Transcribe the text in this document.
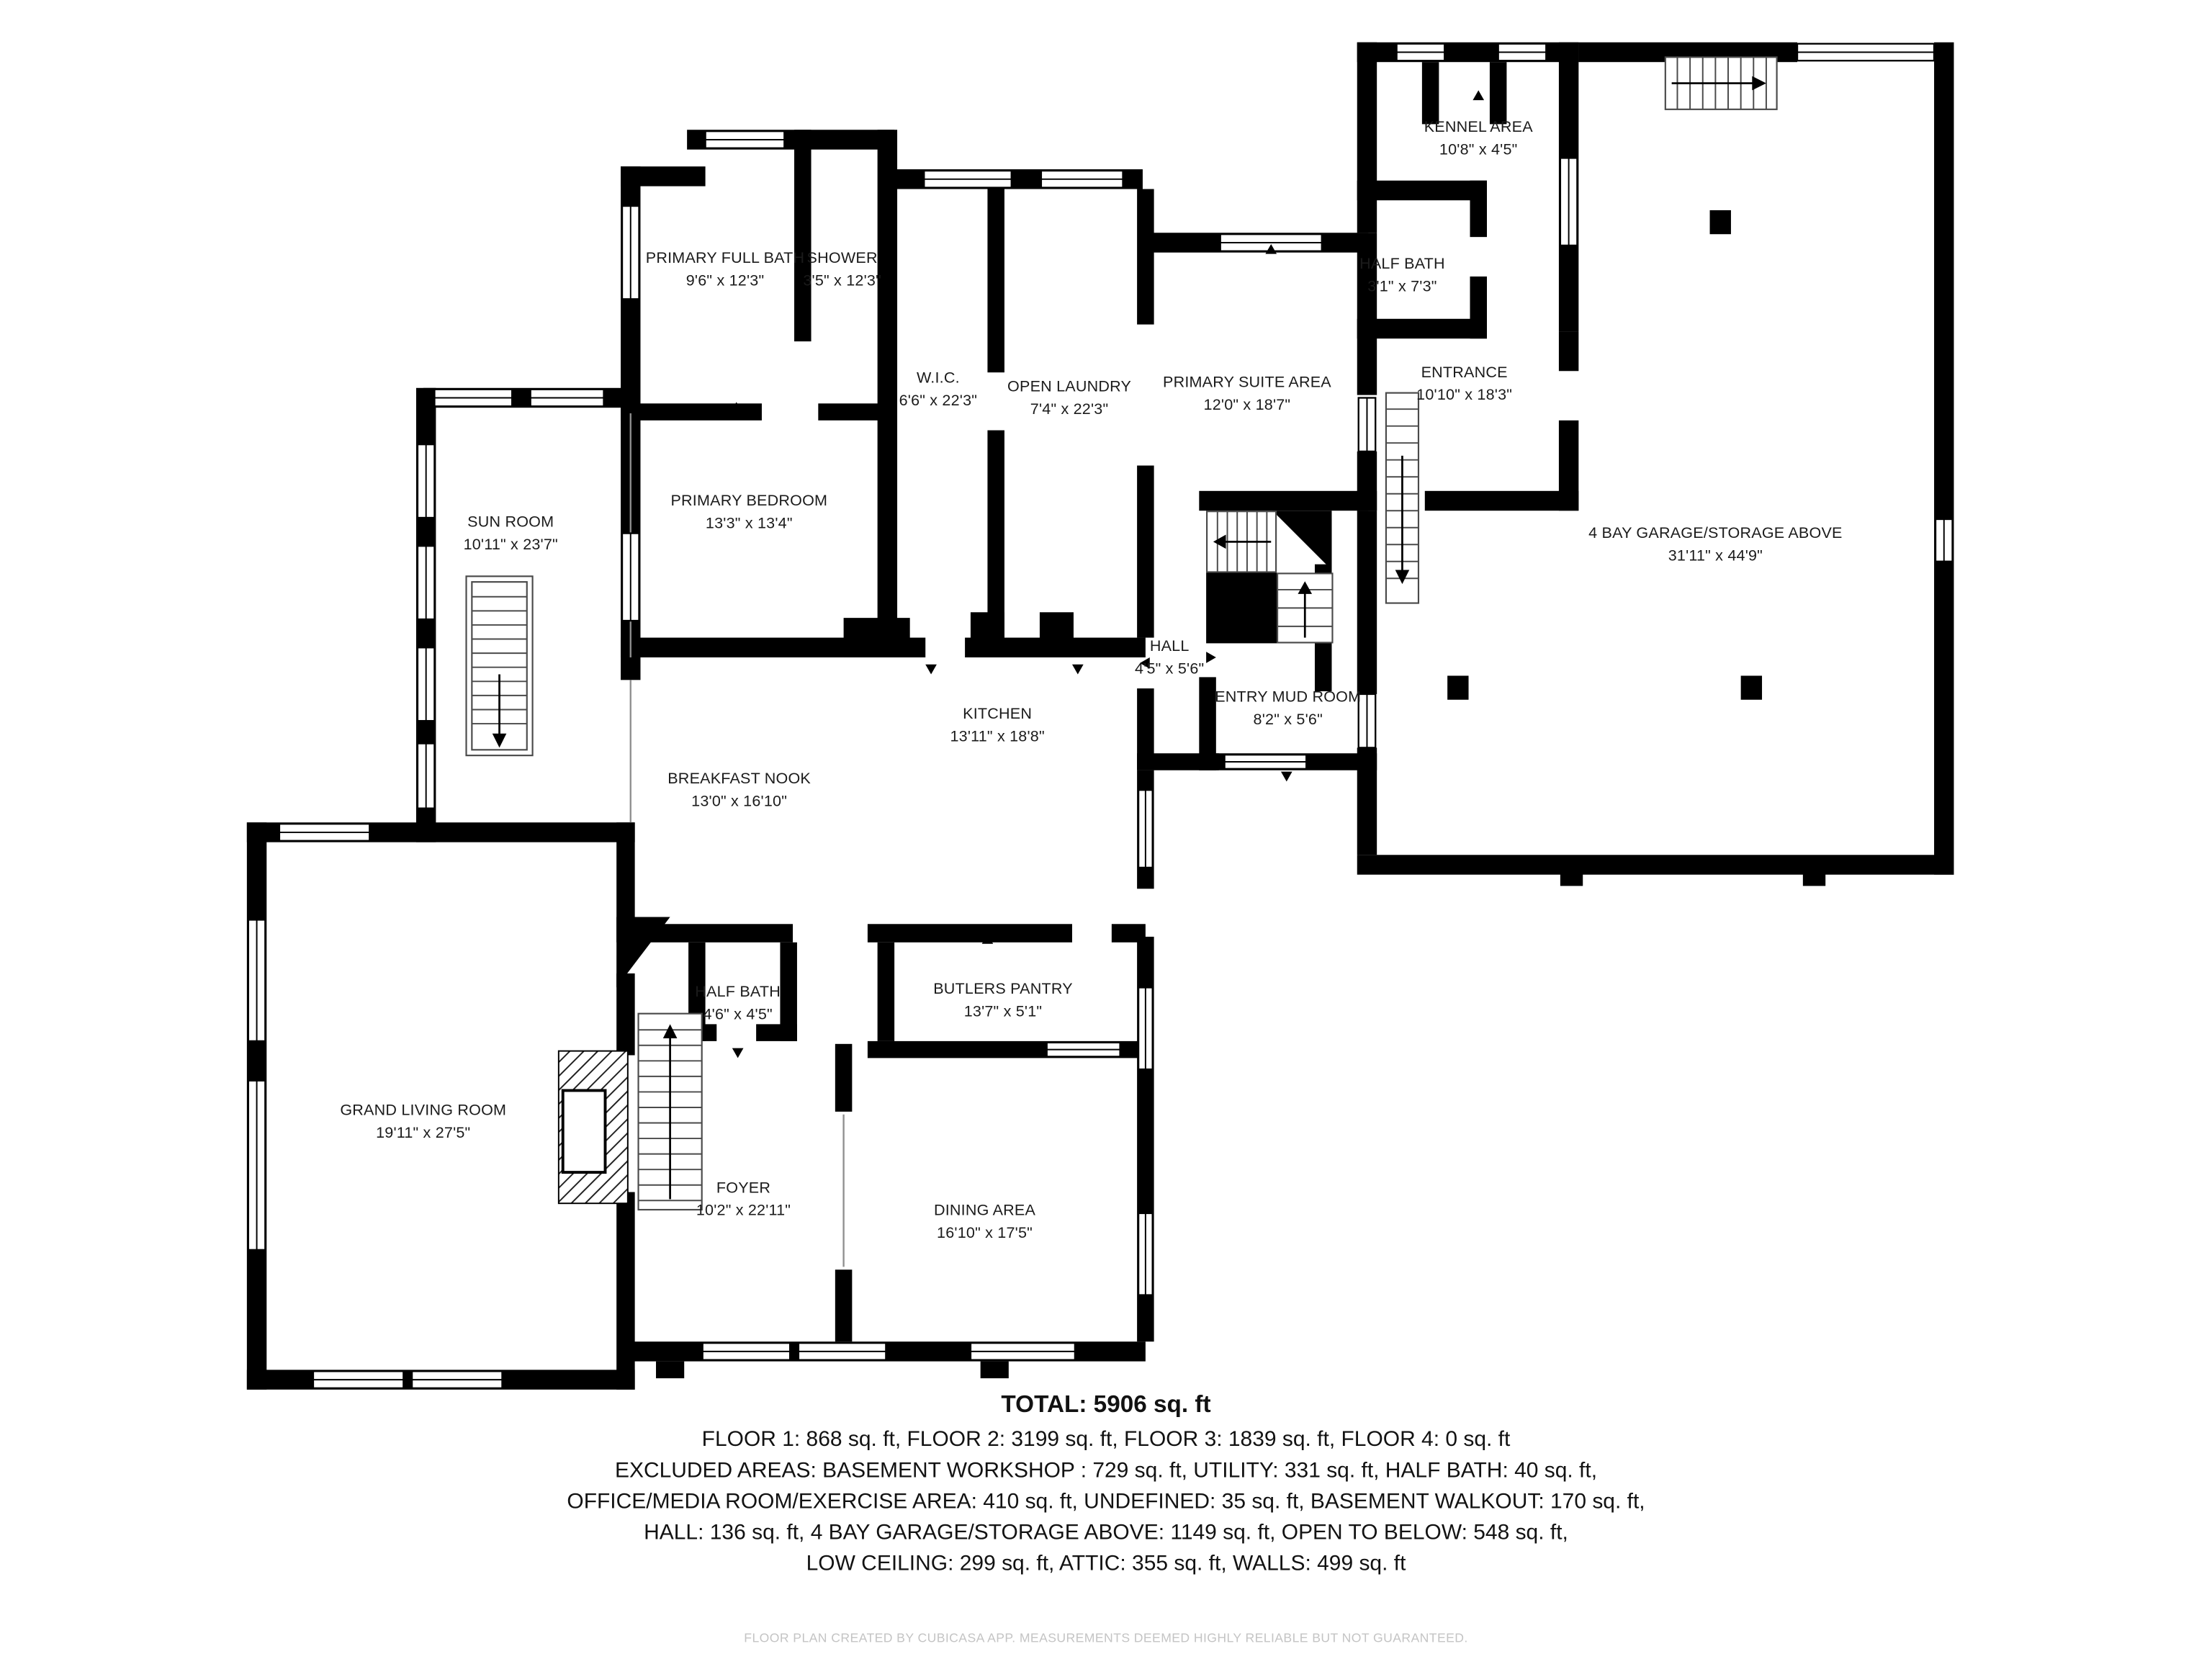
PRIMARY FULL BATH
9'6" x 12'3"
SHOWER
3'5" x 12'3"
W.I.C.
6'6" x 22'3"
OPEN LAUNDRY
7'4" x 22'3"
PRIMARY SUITE AREA
12'0" x 18'7"
KENNEL AREA
10'8" x 4'5"
HALF BATH
3'1" x 7'3"
ENTRANCE
10'10" x 18'3"
4 BAY GARAGE/STORAGE ABOVE
31'11" x 44'9"
SUN ROOM
10'11" x 23'7"
PRIMARY BEDROOM
13'3" x 13'4"
HALL
4'5" x 5'6"
ENTRY MUD ROOM
8'2" x 5'6"
KITCHEN
13'11" x 18'8"
BREAKFAST NOOK
13'0" x 16'10"
GRAND LIVING ROOM
19'11" x 27'5"
HALF BATH
4'6" x 4'5"
BUTLERS PANTRY
13'7" x 5'1"
FOYER
10'2" x 22'11"	DINING AREA
16'10" x 17'5"
TOTAL: 5906 sq. ft
FLOOR 1: 868 sq. ft, FLOOR 2: 3199 sq. ft, FLOOR 3: 1839 sq. ft, FLOOR 4: 0 sq. ft
EXCLUDED AREAS: BASEMENT WORKSHOP : 729 sq. ft, UTILITY: 331 sq. ft, HALF BATH: 40 sq. ft,
OFFICE/MEDIA ROOM/EXERCISE AREA: 410 sq. ft, UNDEFINED: 35 sq. ft, BASEMENT WALKOUT: 170 sq. ft,
HALL: 136 sq. ft, 4 BAY GARAGE/STORAGE ABOVE: 1149 sq. ft, OPEN TO BELOW: 548 sq. ft,
LOW CEILING: 299 sq. ft, ATTIC: 355 sq. ft, WALLS: 499 sq. ft
FLOOR PLAN CREATED BY CUBICASA APP. MEASUREMENTS DEEMED HIGHLY RELIABLE BUT NOT GUARANTEED.
